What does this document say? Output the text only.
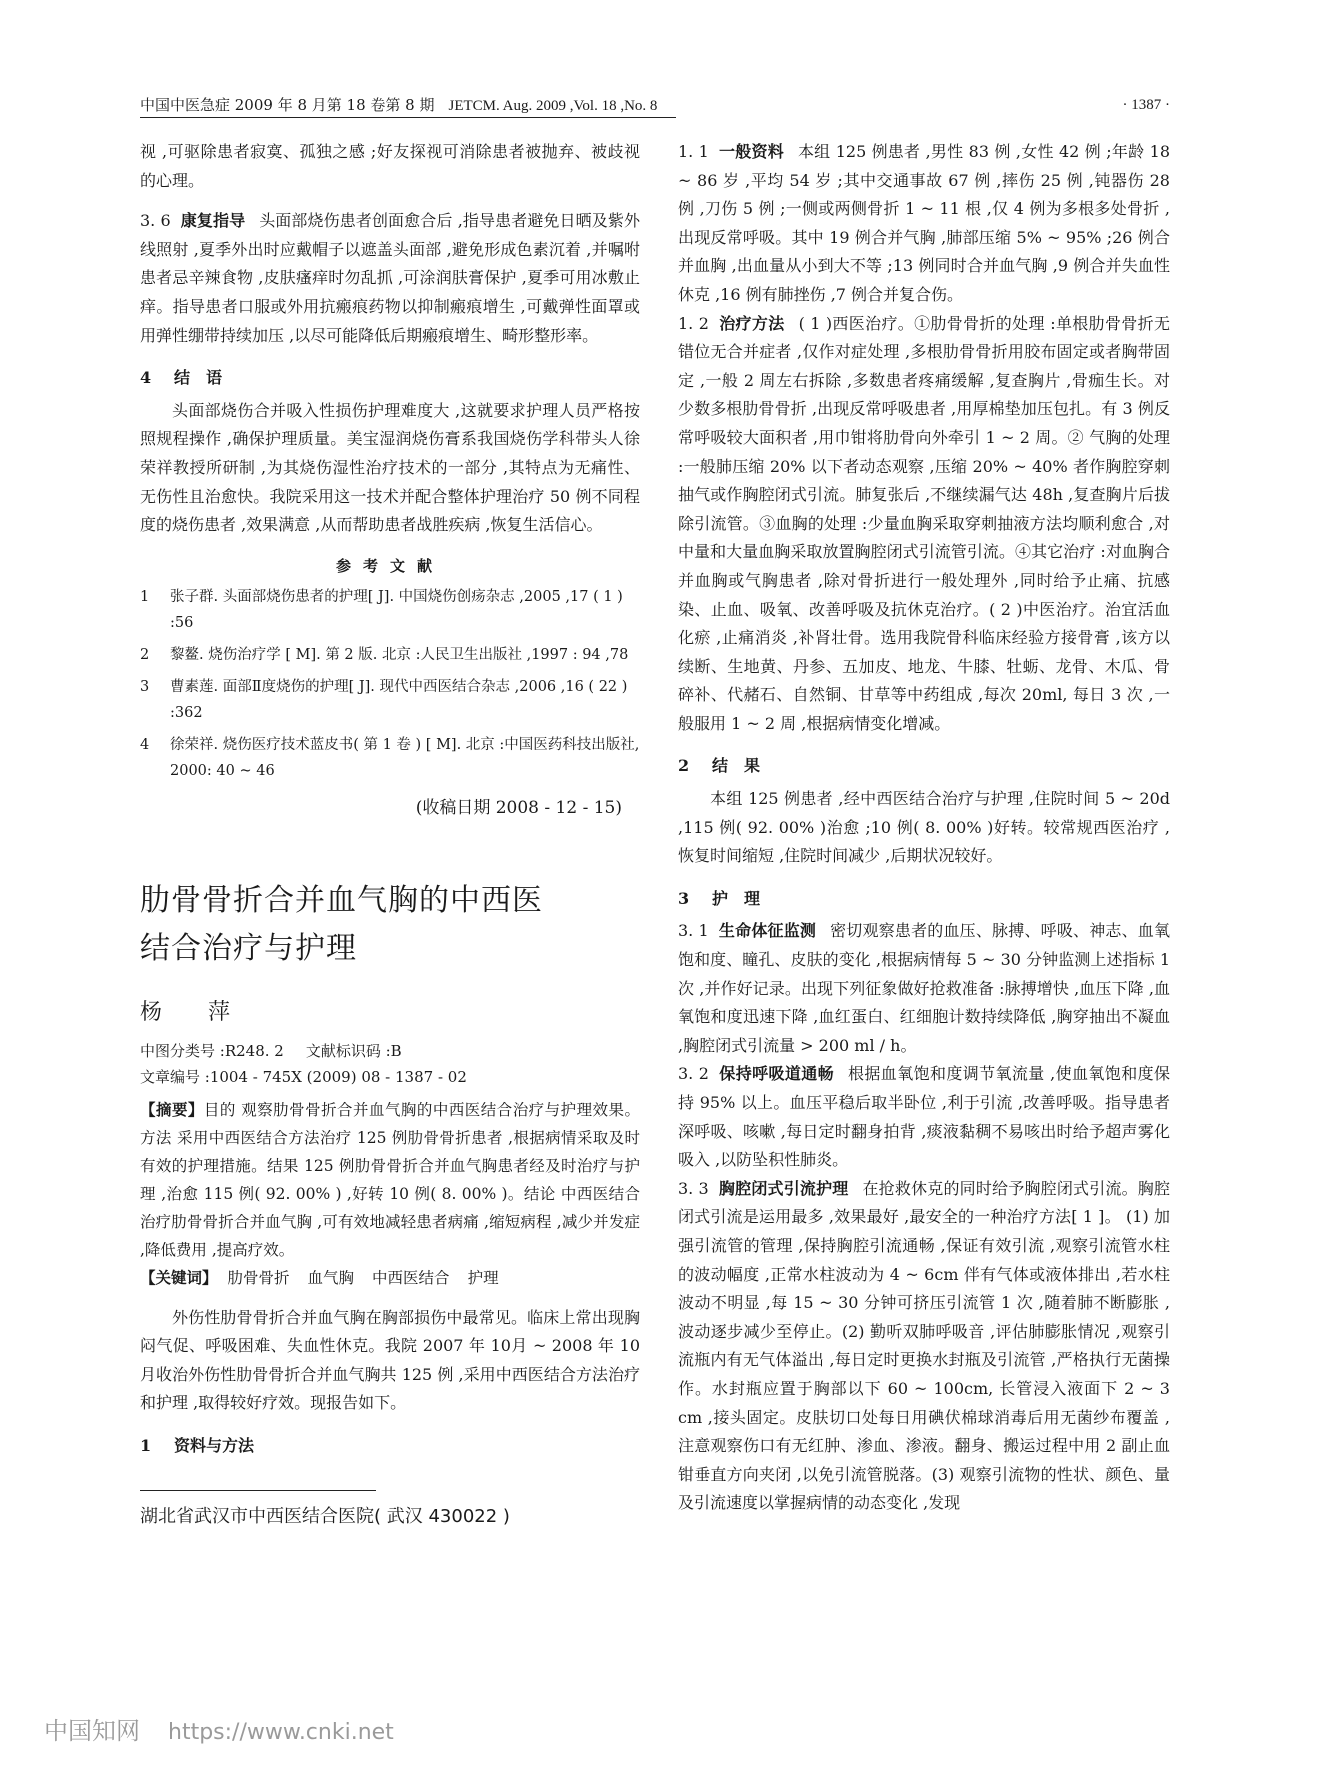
中国中医急症 2009 年 8 月第 18 卷第 8 期 JETCM. Aug. 2009 ,Vol. 18 ,No. 8	· 1387 ·

视 ,可驱除患者寂寞、孤独之感 ;好友探视可消除患者被抛弃、被歧视的心理。

3. 6 康复指导 头面部烧伤患者创面愈合后 ,指导患者避免日晒及紫外线照射 ,夏季外出时应戴帽子以遮盖头面部 ,避免形成色素沉着 ,并嘱咐患者忌辛辣食物 ,皮肤瘙痒时勿乱抓 ,可涂润肤膏保护 ,夏季可用冰敷止痒。指导患者口服或外用抗瘢痕药物以抑制瘢痕增生 ,可戴弹性面罩或用弹性绷带持续加压 ,以尽可能降低后期瘢痕增生、畸形整形率。

4 结　语

头面部烧伤合并吸入性损伤护理难度大 ,这就要求护理人员严格按照规程操作 ,确保护理质量。美宝湿润烧伤膏系我国烧伤学科带头人徐荣祥教授所研制 ,为其烧伤湿性治疗技术的一部分 ,其特点为无痛性、无伤性且治愈快。我院采用这一技术并配合整体护理治疗 50 例不同程度的烧伤患者 ,效果满意 ,从而帮助患者战胜疾病 ,恢复生活信心。

参考文献
1 张子群. 头面部烧伤患者的护理[ J]. 中国烧伤创疡杂志 ,2005 ,17 ( 1 ) :56
2 黎鳌. 烧伤治疗学 [ M]. 第 2 版. 北京 :人民卫生出版社 ,1997 : 94 ,78
3 曹素莲. 面部Ⅱ度烧伤的护理[ J]. 现代中西医结合杂志 ,2006 ,16 ( 22 ) :362
4 徐荣祥. 烧伤医疗技术蓝皮书( 第 1 卷 ) [ M]. 北京 :中国医药科技出版社, 2000: 40 ~ 46
(收稿日期 2008 - 12 - 15)
肋骨骨折合并血气胸的中西医
结合治疗与护理
杨　萍
中图分类号 :R248. 2 文献标识码 :B
文章编号 :1004 - 745X (2009) 08 - 1387 - 02

【摘要】目的 观察肋骨骨折合并血气胸的中西医结合治疗与护理效果。方法 采用中西医结合方法治疗 125 例肋骨骨折患者 ,根据病情采取及时有效的护理措施。结果 125 例肋骨骨折合并血气胸患者经及时治疗与护理 ,治愈 115 例( 92. 00% ) ,好转 10 例( 8. 00% )。结论 中西医结合治疗肋骨骨折合并血气胸 ,可有效地减轻患者病痛 ,缩短病程 ,减少并发症 ,降低费用 ,提高疗效。

【关键词】 肋骨骨折 血气胸 中西医结合 护理

外伤性肋骨骨折合并血气胸在胸部损伤中最常见。临床上常出现胸闷气促、呼吸困难、失血性休克。我院 2007 年 10月 ~ 2008 年 10 月收治外伤性肋骨骨折合并血气胸共 125 例 ,采用中西医结合方法治疗和护理 ,取得较好疗效。现报告如下。

1 资料与方法
湖北省武汉市中西医结合医院( 武汉 430022 )

1. 1 一般资料 本组 125 例患者 ,男性 83 例 ,女性 42 例 ;年龄 18 ~ 86 岁 ,平均 54 岁 ;其中交通事故 67 例 ,摔伤 25 例 ,钝器伤 28 例 ,刀伤 5 例 ;一侧或两侧骨折 1 ~ 11 根 ,仅 4 例为多根多处骨折 ,出现反常呼吸。其中 19 例合并气胸 ,肺部压缩 5% ~ 95% ;26 例合并血胸 ,出血量从小到大不等 ;13 例同时合并血气胸 ,9 例合并失血性休克 ,16 例有肺挫伤 ,7 例合并复合伤。

1. 2 治疗方法 ( 1 )西医治疗。①肋骨骨折的处理 :单根肋骨骨折无错位无合并症者 ,仅作对症处理 ,多根肋骨骨折用胶布固定或者胸带固定 ,一般 2 周左右拆除 ,多数患者疼痛缓解 ,复查胸片 ,骨痂生长。对少数多根肋骨骨折 ,出现反常呼吸患者 ,用厚棉垫加压包扎。有 3 例反常呼吸较大面积者 ,用巾钳将肋骨向外牵引 1 ~ 2 周。② 气胸的处理 :一般肺压缩 20% 以下者动态观察 ,压缩 20% ~ 40% 者作胸腔穿刺抽气或作胸腔闭式引流。肺复张后 ,不继续漏气达 48h ,复查胸片后拔除引流管。③血胸的处理 :少量血胸采取穿刺抽液方法均顺利愈合 ,对中量和大量血胸采取放置胸腔闭式引流管引流。④其它治疗 :对血胸合并血胸或气胸患者 ,除对骨折进行一般处理外 ,同时给予止痛、抗感染、止血、吸氧、改善呼吸及抗休克治疗。( 2 )中医治疗。治宜活血化瘀 ,止痛消炎 ,补肾壮骨。选用我院骨科临床经验方接骨膏 ,该方以续断、生地黄、丹参、五加皮、地龙、牛膝、牡蛎、龙骨、木瓜、骨碎补、代赭石、自然铜、甘草等中药组成 ,每次 20ml, 每日 3 次 ,一般服用 1 ~ 2 周 ,根据病情变化增减。

2 结　果

本组 125 例患者 ,经中西医结合治疗与护理 ,住院时间 5 ~ 20d ,115 例( 92. 00% )治愈 ;10 例( 8. 00% )好转。较常规西医治疗 ,恢复时间缩短 ,住院时间减少 ,后期状况较好。

3 护　理

3. 1 生命体征监测 密切观察患者的血压、脉搏、呼吸、神志、血氧饱和度、瞳孔、皮肤的变化 ,根据病情每 5 ~ 30 分钟监测上述指标 1 次 ,并作好记录。出现下列征象做好抢救准备 :脉搏增快 ,血压下降 ,血氧饱和度迅速下降 ,血红蛋白、红细胞计数持续降低 ,胸穿抽出不凝血 ,胸腔闭式引流量 > 200 ml / h。

3. 2 保持呼吸道通畅 根据血氧饱和度调节氧流量 ,使血氧饱和度保持 95% 以上。血压平稳后取半卧位 ,利于引流 ,改善呼吸。指导患者深呼吸、咳嗽 ,每日定时翻身拍背 ,痰液黏稠不易咳出时给予超声雾化吸入 ,以防坠积性肺炎。

3. 3 胸腔闭式引流护理 在抢救休克的同时给予胸腔闭式引流。胸腔闭式引流是运用最多 ,效果最好 ,最安全的一种治疗方法[ 1 ]。 (1) 加强引流管的管理 ,保持胸腔引流通畅 ,保证有效引流 ,观察引流管水柱的波动幅度 ,正常水柱波动为 4 ~ 6cm 伴有气体或液体排出 ,若水柱波动不明显 ,每 15 ~ 30 分钟可挤压引流管 1 次 ,随着肺不断膨胀 ,波动逐步减少至停止。(2) 勤听双肺呼吸音 ,评估肺膨胀情况 ,观察引流瓶内有无气体溢出 ,每日定时更换水封瓶及引流管 ,严格执行无菌操作。水封瓶应置于胸部以下 60 ~ 100cm, 长管浸入液面下 2 ~ 3 cm ,接头固定。皮肤切口处每日用碘伏棉球消毒后用无菌纱布覆盖 ,注意观察伤口有无红肿、渗血、渗液。翻身、搬运过程中用 2 副止血钳垂直方向夹闭 ,以免引流管脱落。(3) 观察引流物的性状、颜色、量及引流速度以掌握病情的动态变化 ,发现

中国知网 https://www.cnki.net
